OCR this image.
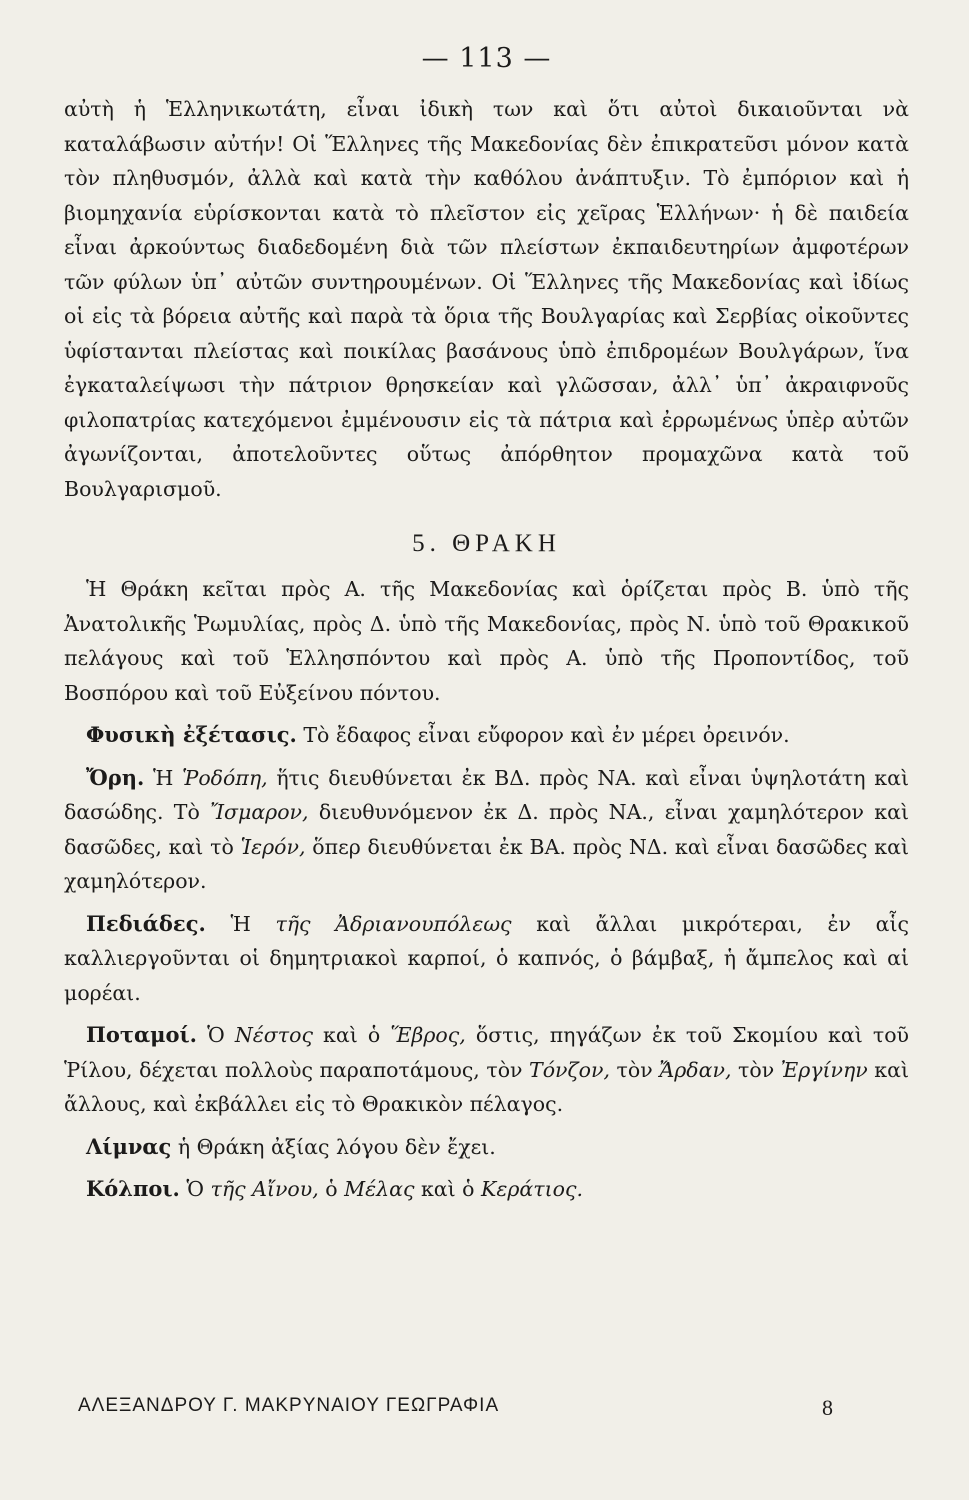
— 113 —

αὐτὴ ἡ Ἑλληνικωτάτη, εἶναι ἰδικὴ των καὶ ὅτι αὐτοὶ δικαιοῦνται νὰ καταλάβωσιν αὐτήν! Οἱ Ἕλληνες τῆς Μακεδονίας δὲν ἐπικρατεῦσι μόνον κατὰ τὸν πληθυσμόν, ἀλλὰ καὶ κατὰ τὴν καθόλου ἀνάπτυξιν. Τὸ ἐμπόριον καὶ ἡ βιομηχανία εὑρίσκονται κατὰ τὸ πλεῖστον εἰς χεῖρας Ἑλλήνων· ἡ δὲ παιδεία εἶναι ἀρκούντως διαδεδομένη διὰ τῶν πλείστων ἐκπαιδευτηρίων ἀμφοτέρων τῶν φύλων ὑπ᾽ αὐτῶν συντηρουμένων. Οἱ Ἕλληνες τῆς Μακεδονίας καὶ ἰδίως οἱ εἰς τὰ βόρεια αὐτῆς καὶ παρὰ τὰ ὅρια τῆς Βουλγαρίας καὶ Σερβίας οἰκοῦντες ὑφίστανται πλείστας καὶ ποικίλας βασάνους ὑπὸ ἐπιδρομέων Βουλγάρων, ἵνα ἐγκαταλείψωσι τὴν πάτριον θρησκείαν καὶ γλῶσσαν, ἀλλ᾽ ὑπ᾽ ἀκραιφνοῦς φιλοπατρίας κατεχόμενοι ἐμμένουσιν εἰς τὰ πάτρια καὶ ἐρρωμένως ὑπὲρ αὐτῶν ἀγωνίζονται, ἀποτελοῦντες οὕτως ἀπόρθητον προμαχῶνα κατὰ τοῦ Βουλγαρισμοῦ.

5. ΘΡΑΚΗ

Ἡ Θράκη κεῖται πρὸς Α. τῆς Μακεδονίας καὶ ὁρίζεται πρὸς Β. ὑπὸ τῆς Ἀνατολικῆς Ῥωμυλίας, πρὸς Δ. ὑπὸ τῆς Μακεδονίας, πρὸς Ν. ὑπὸ τοῦ Θρακικοῦ πελάγους καὶ τοῦ Ἑλλησπόντου καὶ πρὸς Α. ὑπὸ τῆς Προποντίδος, τοῦ Βοσπόρου καὶ τοῦ Εὐξείνου πόντου.

Φυσικὴ ἐξέτασις. Τὸ ἔδαφος εἶναι εὔφορον καὶ ἐν μέρει ὀρεινόν.

Ὄρη. Ἡ Ῥοδόπη, ἥτις διευθύνεται ἐκ ΒΔ. πρὸς ΝΑ. καὶ εἶναι ὑψηλοτάτη καὶ δασώδης. Τὸ Ἴσμαρον, διευθυνόμενον ἐκ Δ. πρὸς ΝΑ., εἶναι χαμηλότερον καὶ δασῶδες, καὶ τὸ Ἱερόν, ὅπερ διευθύνεται ἐκ ΒΑ. πρὸς ΝΔ. καὶ εἶναι δασῶδες καὶ χαμηλότερον.

Πεδιάδες. Ἡ τῆς Ἀδριανουπόλεως καὶ ἄλλαι μικρότεραι, ἐν αἷς καλλιεργοῦνται οἱ δημητριακοὶ καρποί, ὁ καπνός, ὁ βάμβαξ, ἡ ἄμπελος καὶ αἱ μορέαι.

Ποταμοί. Ὁ Νέστος καὶ ὁ Ἕβρος, ὅστις, πηγάζων ἐκ τοῦ Σκομίου καὶ τοῦ Ῥίλου, δέχεται πολλοὺς παραποτάμους, τὸν Τόνζον, τὸν Ἄρδαν, τὸν Ἐργίνην καὶ ἄλλους, καὶ ἐκβάλλει εἰς τὸ Θρακικὸν πέλαγος.

Λίμνας ἡ Θράκη ἀξίας λόγου δὲν ἔχει.

Κόλποι. Ὁ τῆς Αἴνου, ὁ Μέλας καὶ ὁ Κεράτιος.

ΑΛΕΞΑΝΔΡΟΥ Γ. ΜΑΚΡΥΝΑΙΟΥ ΓΕΩΓΡΑΦΙΑ	8
